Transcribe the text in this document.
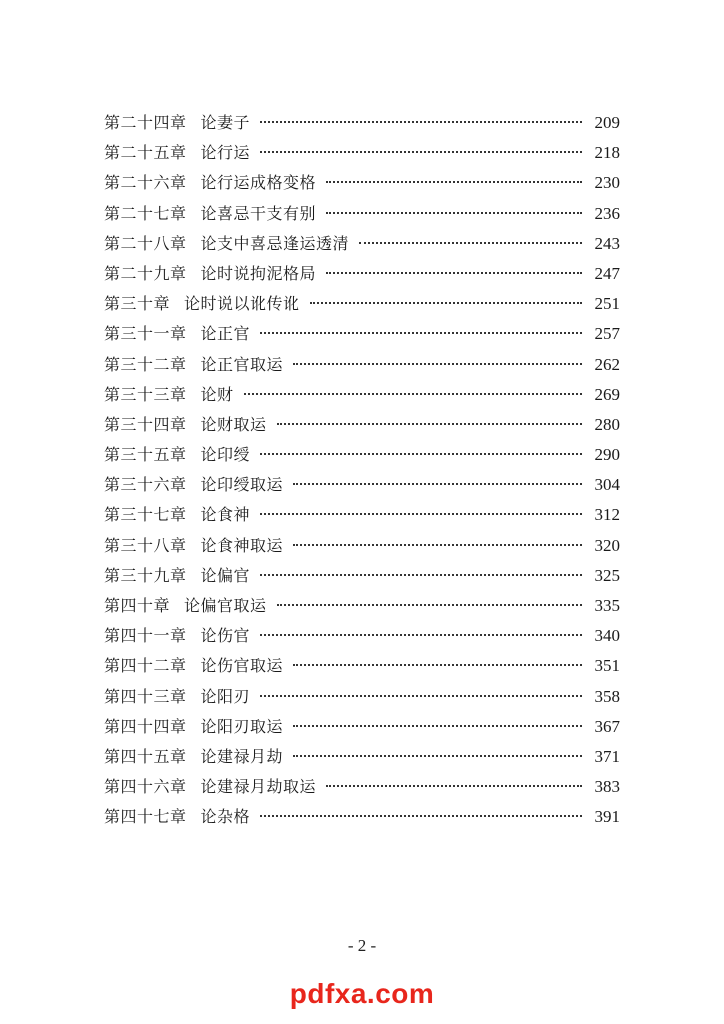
第二十四章 论妻子	209
第二十五章 论行运	218
第二十六章 论行运成格变格	230
第二十七章 论喜忌干支有别	236
第二十八章 论支中喜忌逢运透清	243
第二十九章 论时说拘泥格局	247
第三十章 论时说以讹传讹	251
第三十一章 论正官	257
第三十二章 论正官取运	262
第三十三章 论财	269
第三十四章 论财取运	280
第三十五章 论印绶	290
第三十六章 论印绶取运	304
第三十七章 论食神	312
第三十八章 论食神取运	320
第三十九章 论偏官	325
第四十章 论偏官取运	335
第四十一章 论伤官	340
第四十二章 论伤官取运	351
第四十三章 论阳刃	358
第四十四章 论阳刃取运	367
第四十五章 论建禄月劫	371
第四十六章 论建禄月劫取运	383
第四十七章 论杂格	391
- 2 -
pdfxa.com
